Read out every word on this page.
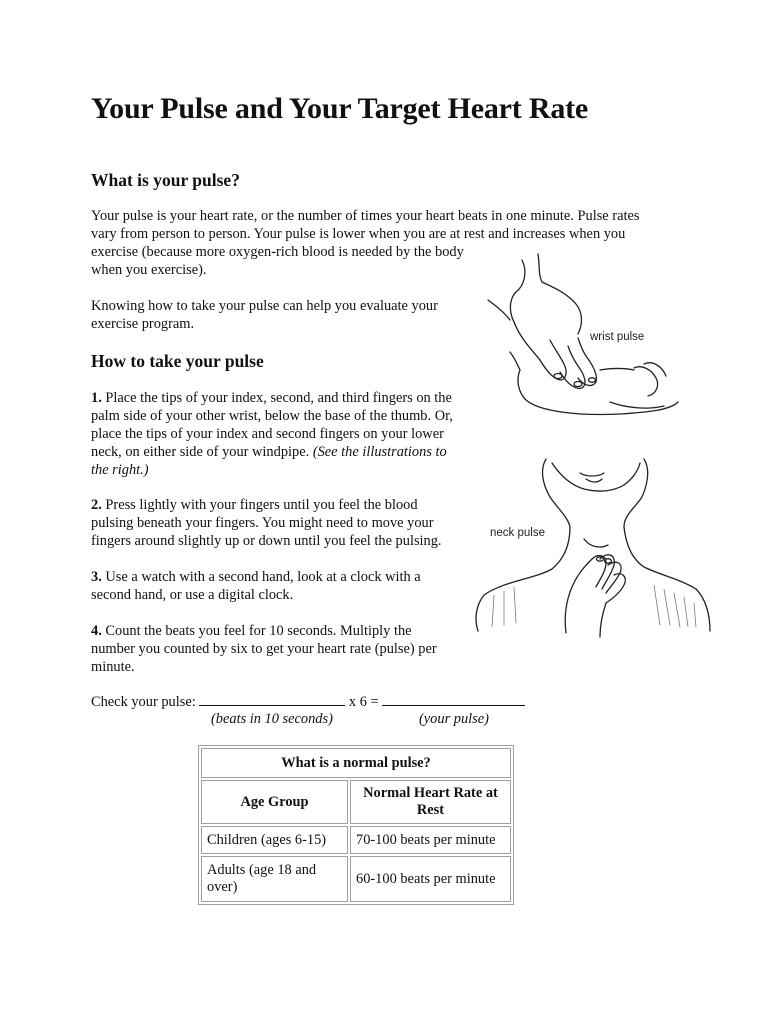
Your Pulse and Your Target Heart Rate
What is your pulse?
Your pulse is your heart rate, or the number of times your heart beats in one minute. Pulse rates
vary from person to person. Your pulse is lower when you are at rest and increases when you
exercise (because more oxygen-rich blood is needed by the body
when you exercise).
Knowing how to take your pulse can help you evaluate your
exercise program.
How to take your pulse
1. Place the tips of your index, second, and third fingers on the
palm side of your other wrist, below the base of the thumb. Or,
place the tips of your index and second fingers on your lower
neck, on either side of your windpipe. (See the illustrations to
the right.)
2. Press lightly with your fingers until you feel the blood
pulsing beneath your fingers. You might need to move your
fingers around slightly up or down until you feel the pulsing.
3. Use a watch with a second hand, look at a clock with a
second hand, or use a digital clock.
4. Count the beats you feel for 10 seconds. Multiply the
number you counted by six to get your heart rate (pulse) per
minute.
Check your pulse:	x 6 =
(beats in 10 seconds)	(your pulse)
What is a normal pulse?	
Age Group	Normal Heart Rate at Rest
Children (ages 6-15)	70-100 beats per minute
Adults (age 18 and over)	60-100 beats per minute
wrist pulse
neck pulse
